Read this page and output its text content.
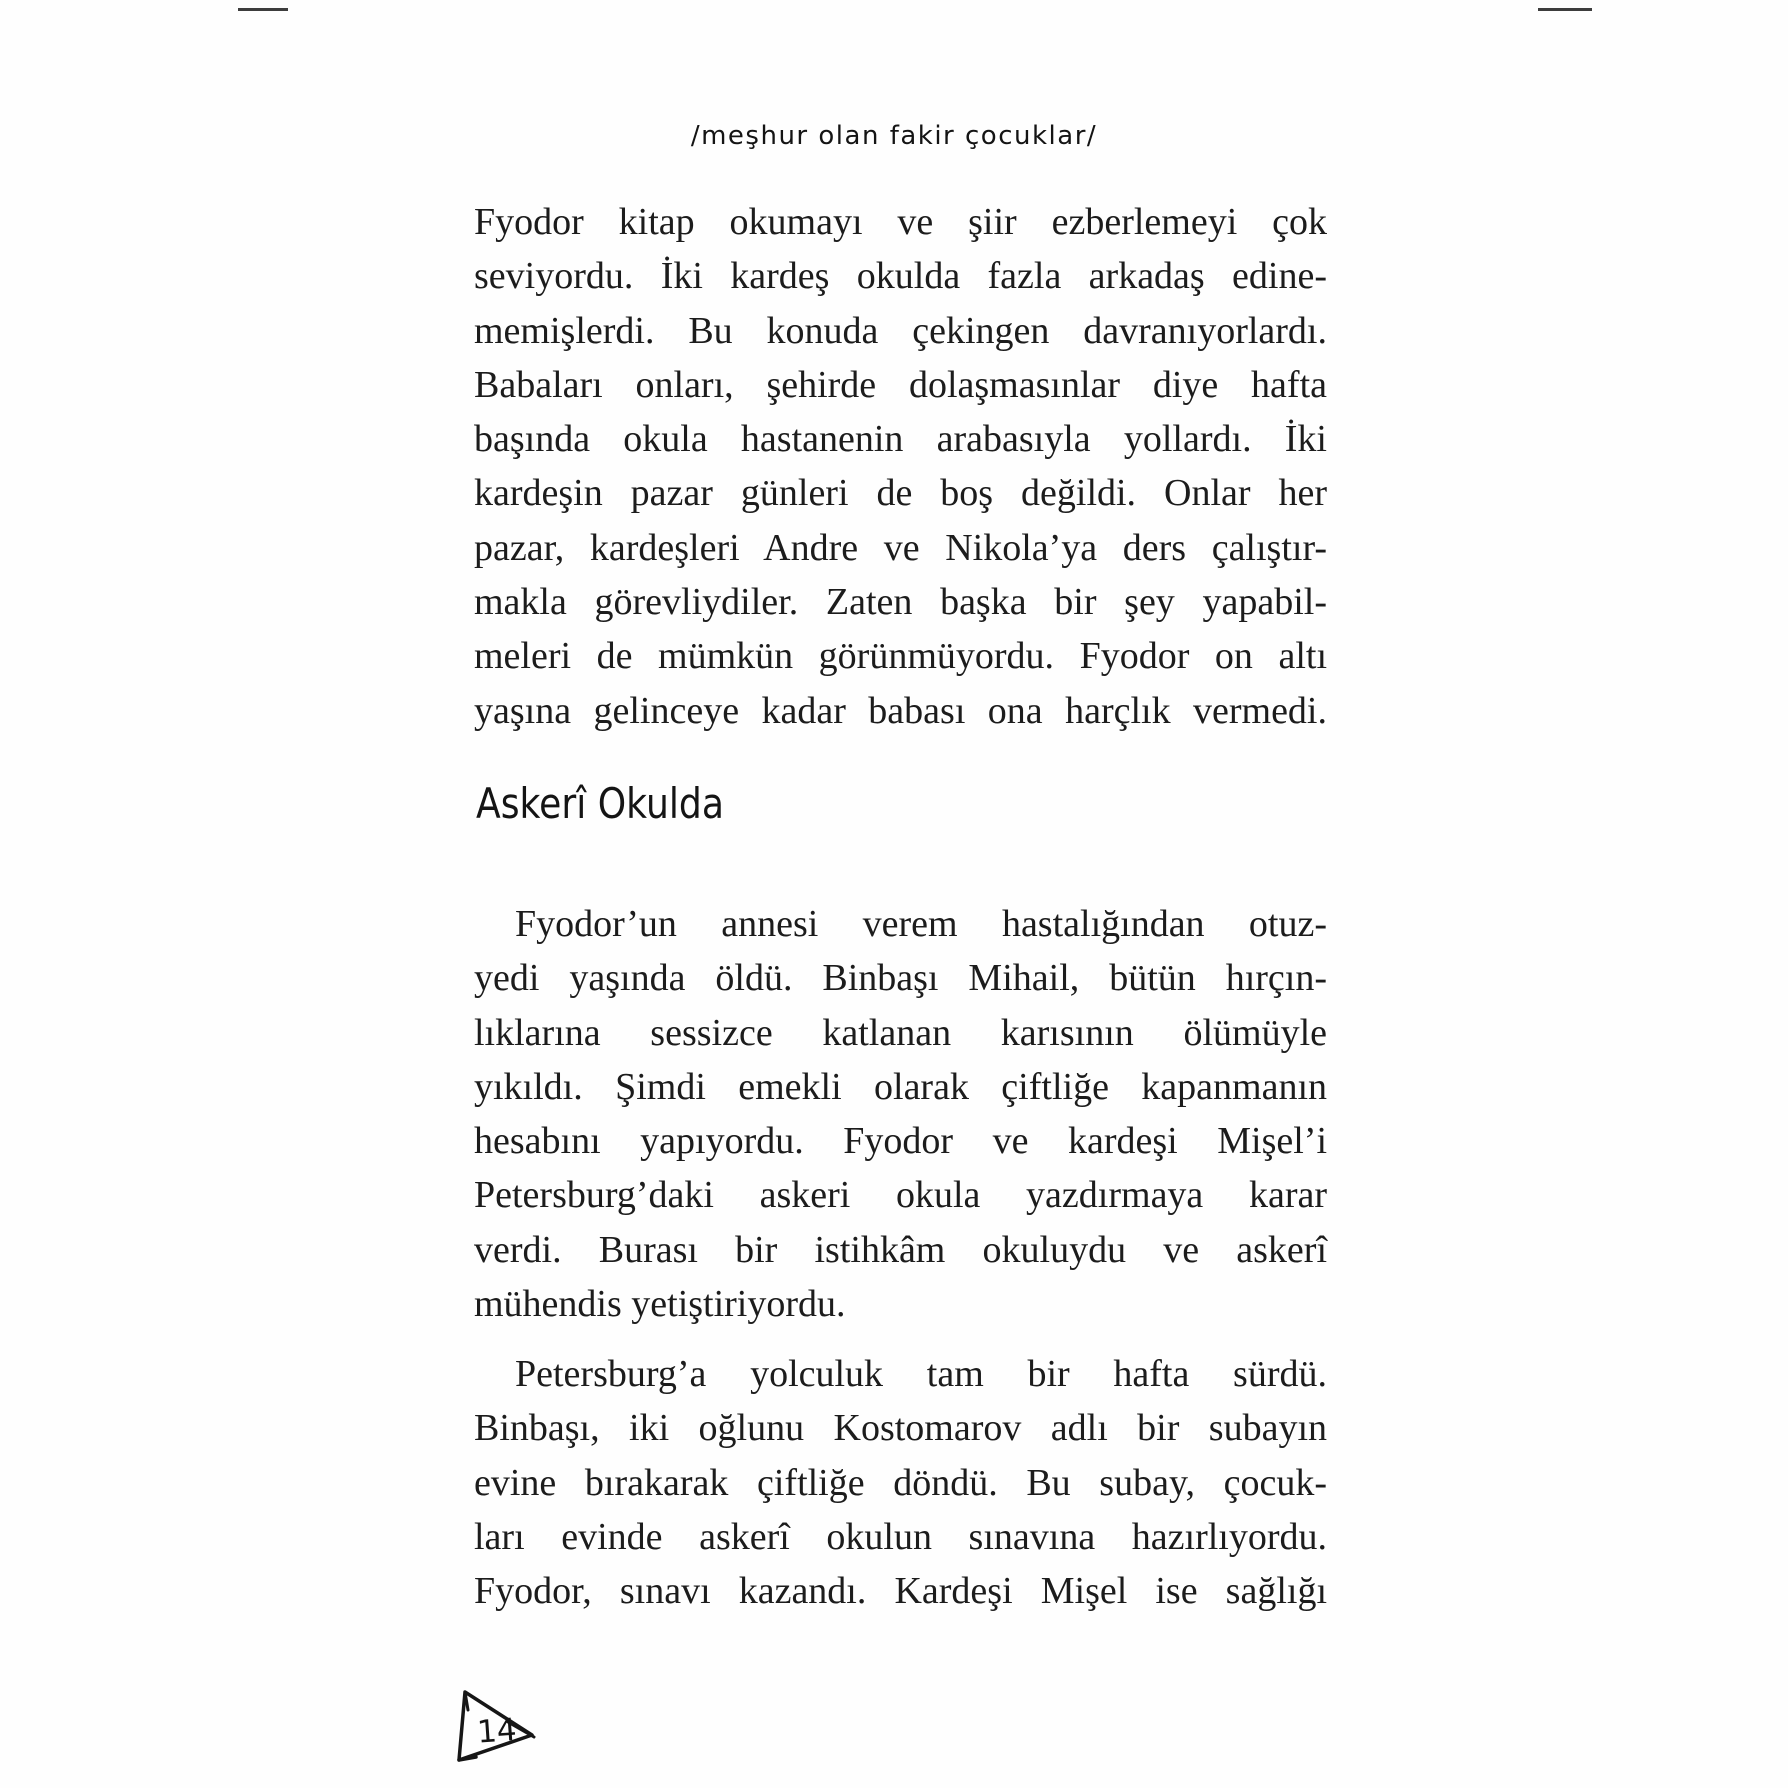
/meşhur olan fakir çocuklar/
Fyodor kitap okumayı ve şiir ezberlemeyi çok
seviyordu. İki kardeş okulda fazla arkadaş edine-
memişlerdi. Bu konuda çekingen davranıyorlardı.
Babaları onları, şehirde dolaşmasınlar diye hafta
başında okula hastanenin arabasıyla yollardı. İki
kardeşin pazar günleri de boş değildi. Onlar her
pazar, kardeşleri Andre ve Nikola’ya ders çalıştır-
makla görevliydiler. Zaten başka bir şey yapabil-
meleri de mümkün görünmüyordu. Fyodor on altı
yaşına gelinceye kadar babası ona harçlık vermedi.
Askerî Okulda
Fyodor’un annesi verem hastalığından otuz-
yedi yaşında öldü. Binbaşı Mihail, bütün hırçın-
lıklarına sessizce katlanan karısının ölümüyle
yıkıldı. Şimdi emekli olarak çiftliğe kapanmanın
hesabını yapıyordu. Fyodor ve kardeşi Mişel’i
Petersburg’daki askeri okula yazdırmaya karar
verdi. Burası bir istihkâm okuluydu ve askerî
mühendis yetiştiriyordu.
Petersburg’a yolculuk tam bir hafta sürdü.
Binbaşı, iki oğlunu Kostomarov adlı bir subayın
evine bırakarak çiftliğe döndü. Bu subay, çocuk-
ları evinde askerî okulun sınavına hazırlıyordu.
Fyodor, sınavı kazandı. Kardeşi Mişel ise sağlığı
14
